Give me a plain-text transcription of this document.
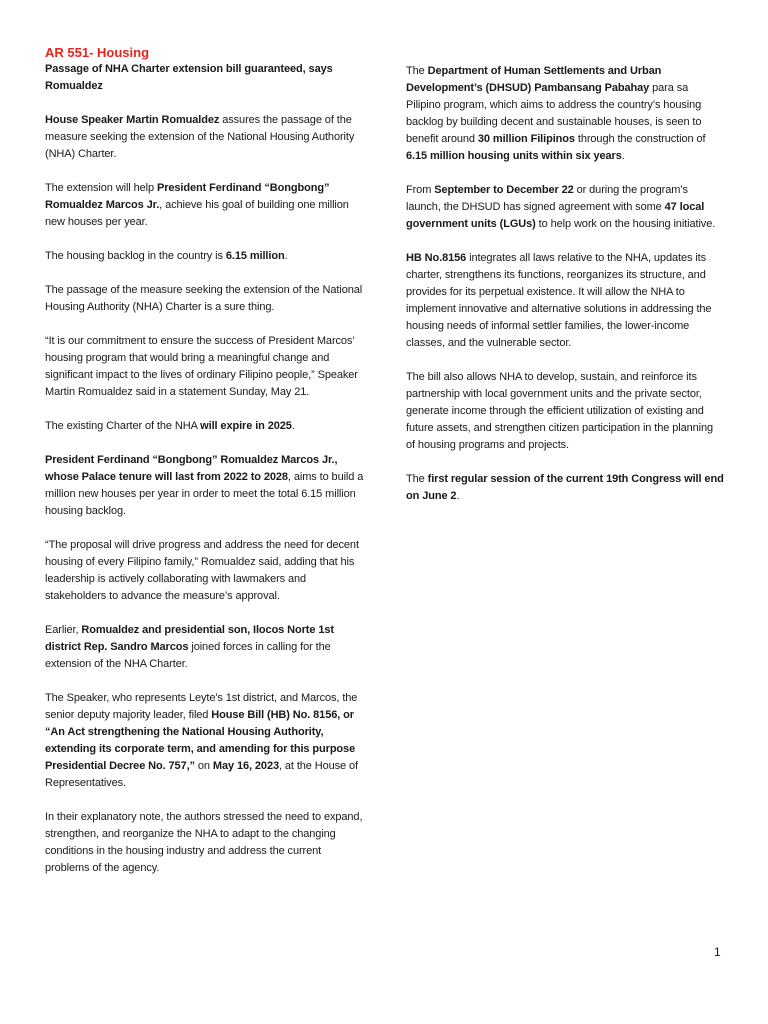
AR 551- Housing

Passage of NHA Charter extension bill guaranteed, says Romualdez

House Speaker Martin Romualdez assures the passage of the measure seeking the extension of the National Housing Authority (NHA) Charter.

The extension will help President Ferdinand “Bongbong” Romualdez Marcos Jr., achieve his goal of building one million new houses per year.

The housing backlog in the country is 6.15 million.

The passage of the measure seeking the extension of the National Housing Authority (NHA) Charter is a sure thing.

“It is our commitment to ensure the success of President Marcos’ housing program that would bring a meaningful change and significant impact to the lives of ordinary Filipino people,” Speaker Martin Romualdez said in a statement Sunday, May 21.

The existing Charter of the NHA will expire in 2025.

President Ferdinand “Bongbong” Romualdez Marcos Jr., whose Palace tenure will last from 2022 to 2028, aims to build a million new houses per year in order to meet the total 6.15 million housing backlog.

“The proposal will drive progress and address the need for decent housing of every Filipino family,” Romualdez said, adding that his leadership is actively collaborating with lawmakers and stakeholders to advance the measure’s approval.

Earlier, Romualdez and presidential son, Ilocos Norte 1st district Rep. Sandro Marcos joined forces in calling for the extension of the NHA Charter.

The Speaker, who represents Leyte's 1st district, and Marcos, the senior deputy majority leader, filed House Bill (HB) No. 8156, or “An Act strengthening the National Housing Authority, extending its corporate term, and amending for this purpose Presidential Decree No. 757,” on May 16, 2023, at the House of Representatives.

In their explanatory note, the authors stressed the need to expand, strengthen, and reorganize the NHA to adapt to the changing conditions in the housing industry and address the current problems of the agency.

The Department of Human Settlements and Urban Development’s (DHSUD) Pambansang Pabahay para sa Pilipino program, which aims to address the country’s housing backlog by building decent and sustainable houses, is seen to benefit around 30 million Filipinos through the construction of 6.15 million housing units within six years.

From September to December 22 or during the program’s launch, the DHSUD has signed agreement with some 47 local government units (LGUs) to help work on the housing initiative.

HB No.8156 integrates all laws relative to the NHA, updates its charter, strengthens its functions, reorganizes its structure, and provides for its perpetual existence. It will allow the NHA to implement innovative and alternative solutions in addressing the housing needs of informal settler families, the lower-income classes, and the vulnerable sector.

The bill also allows NHA to develop, sustain, and reinforce its partnership with local government units and the private sector, generate income through the efficient utilization of existing and future assets, and strengthen citizen participation in the planning of housing programs and projects.

The first regular session of the current 19th Congress will end on June 2.

1
